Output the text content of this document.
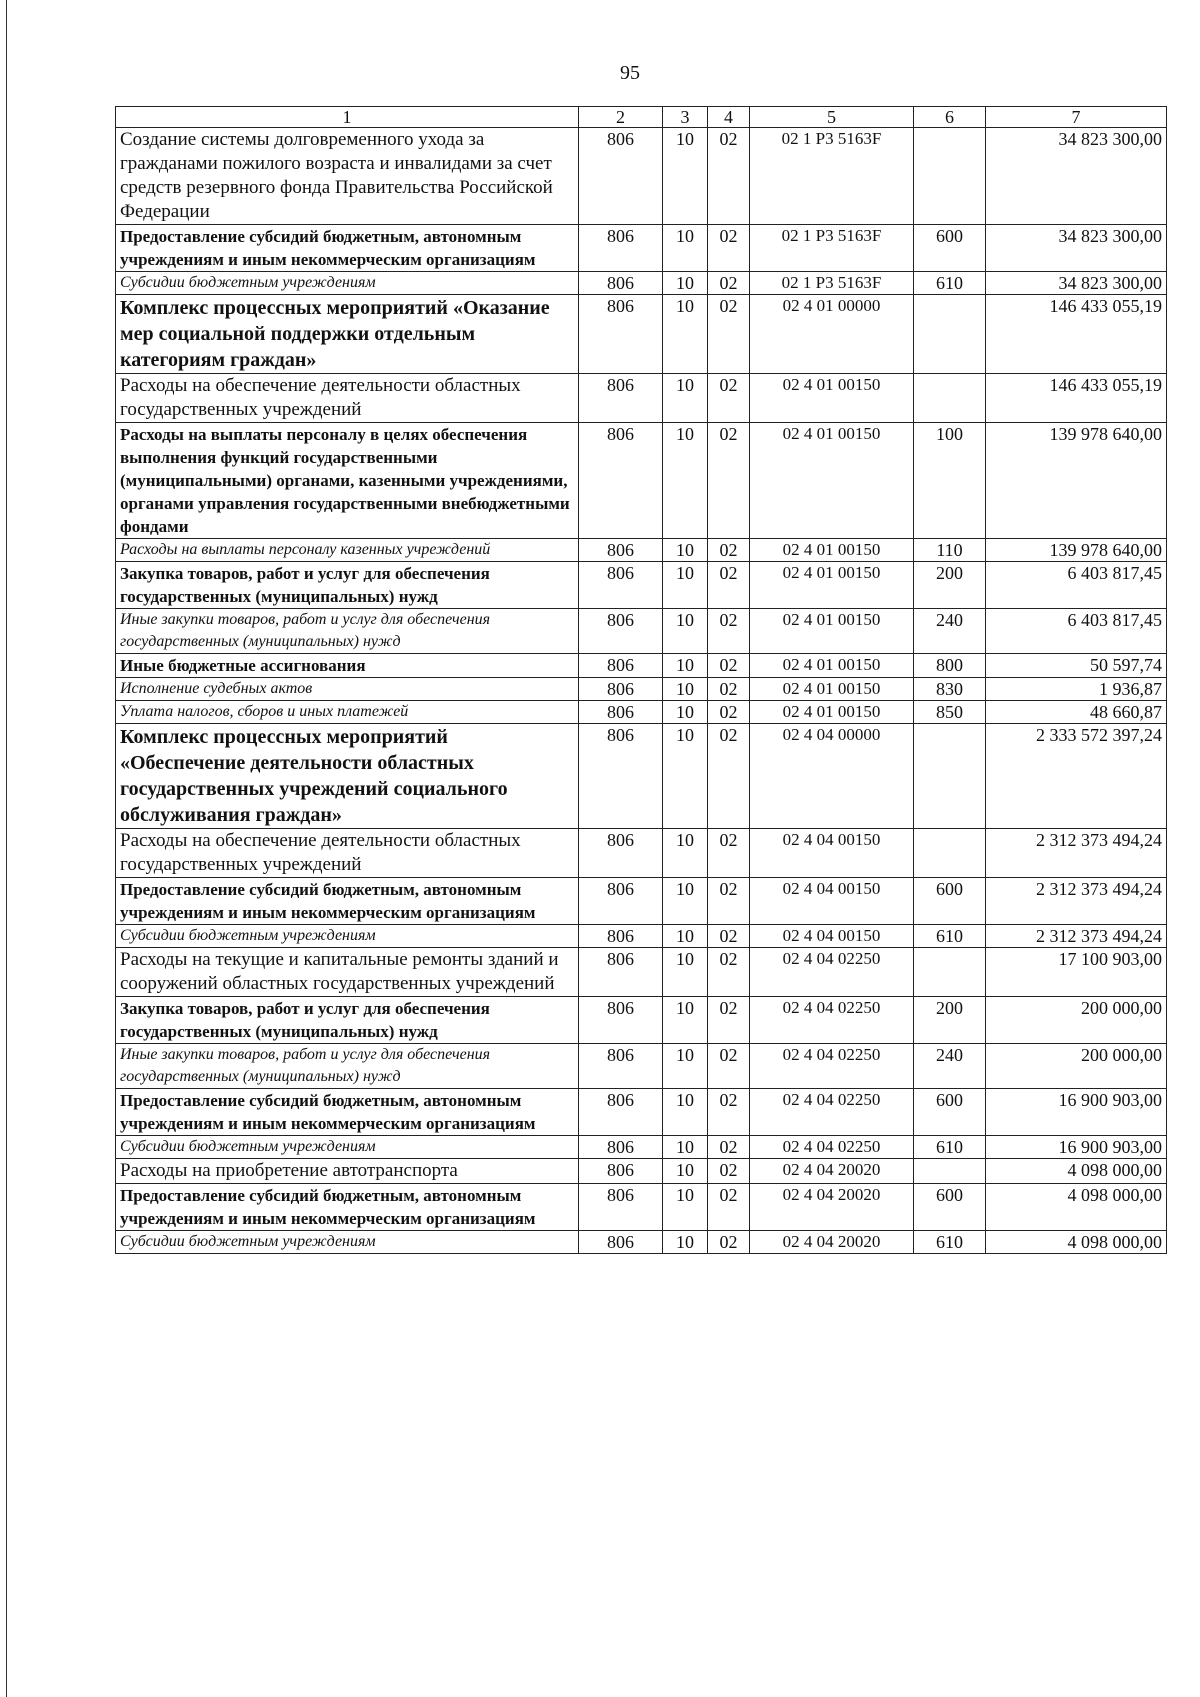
95
1	2	3	4	5	6	7
Создание системы долговременного ухода за гражданами пожилого возраста и инвалидами за счет средств резервного фонда Правительства Российской Федерации	806	10	02	02 1 Р3 5163F		34 823 300,00
Предоставление субсидий бюджетным, автономным учреждениям и иным некоммерческим организациям	806	10	02	02 1 Р3 5163F	600	34 823 300,00
Субсидии бюджетным учреждениям	806	10	02	02 1 Р3 5163F	610	34 823 300,00
Комплекс процессных мероприятий «Оказание мер социальной поддержки отдельным категориям граждан»	806	10	02	02 4 01 00000		146 433 055,19
Расходы на обеспечение деятельности областных государственных учреждений	806	10	02	02 4 01 00150		146 433 055,19
Расходы на выплаты персоналу в целях обеспечения выполнения функций государственными (муниципальными) органами, казенными учреждениями, органами управления государственными внебюджетными фондами	806	10	02	02 4 01 00150	100	139 978 640,00
Расходы на выплаты персоналу казенных учреждений	806	10	02	02 4 01 00150	110	139 978 640,00
Закупка товаров, работ и услуг для обеспечения государственных (муниципальных) нужд	806	10	02	02 4 01 00150	200	6 403 817,45
Иные закупки товаров, работ и услуг для обеспечения государственных (муниципальных) нужд	806	10	02	02 4 01 00150	240	6 403 817,45
Иные бюджетные ассигнования	806	10	02	02 4 01 00150	800	50 597,74
Исполнение судебных актов	806	10	02	02 4 01 00150	830	1 936,87
Уплата налогов, сборов и иных платежей	806	10	02	02 4 01 00150	850	48 660,87
Комплекс процессных мероприятий «Обеспечение деятельности областных государственных учреждений социального обслуживания граждан»	806	10	02	02 4 04 00000		2 333 572 397,24
Расходы на обеспечение деятельности областных государственных учреждений	806	10	02	02 4 04 00150		2 312 373 494,24
Предоставление субсидий бюджетным, автономным учреждениям и иным некоммерческим организациям	806	10	02	02 4 04 00150	600	2 312 373 494,24
Субсидии бюджетным учреждениям	806	10	02	02 4 04 00150	610	2 312 373 494,24
Расходы на текущие и капитальные ремонты зданий и сооружений областных государственных учреждений	806	10	02	02 4 04 02250		17 100 903,00
Закупка товаров, работ и услуг для обеспечения государственных (муниципальных) нужд	806	10	02	02 4 04 02250	200	200 000,00
Иные закупки товаров, работ и услуг для обеспечения государственных (муниципальных) нужд	806	10	02	02 4 04 02250	240	200 000,00
Предоставление субсидий бюджетным, автономным учреждениям и иным некоммерческим организациям	806	10	02	02 4 04 02250	600	16 900 903,00
Субсидии бюджетным учреждениям	806	10	02	02 4 04 02250	610	16 900 903,00
Расходы на приобретение автотранспорта	806	10	02	02 4 04 20020		4 098 000,00
Предоставление субсидий бюджетным, автономным учреждениям и иным некоммерческим организациям	806	10	02	02 4 04 20020	600	4 098 000,00
Субсидии бюджетным учреждениям	806	10	02	02 4 04 20020	610	4 098 000,00
